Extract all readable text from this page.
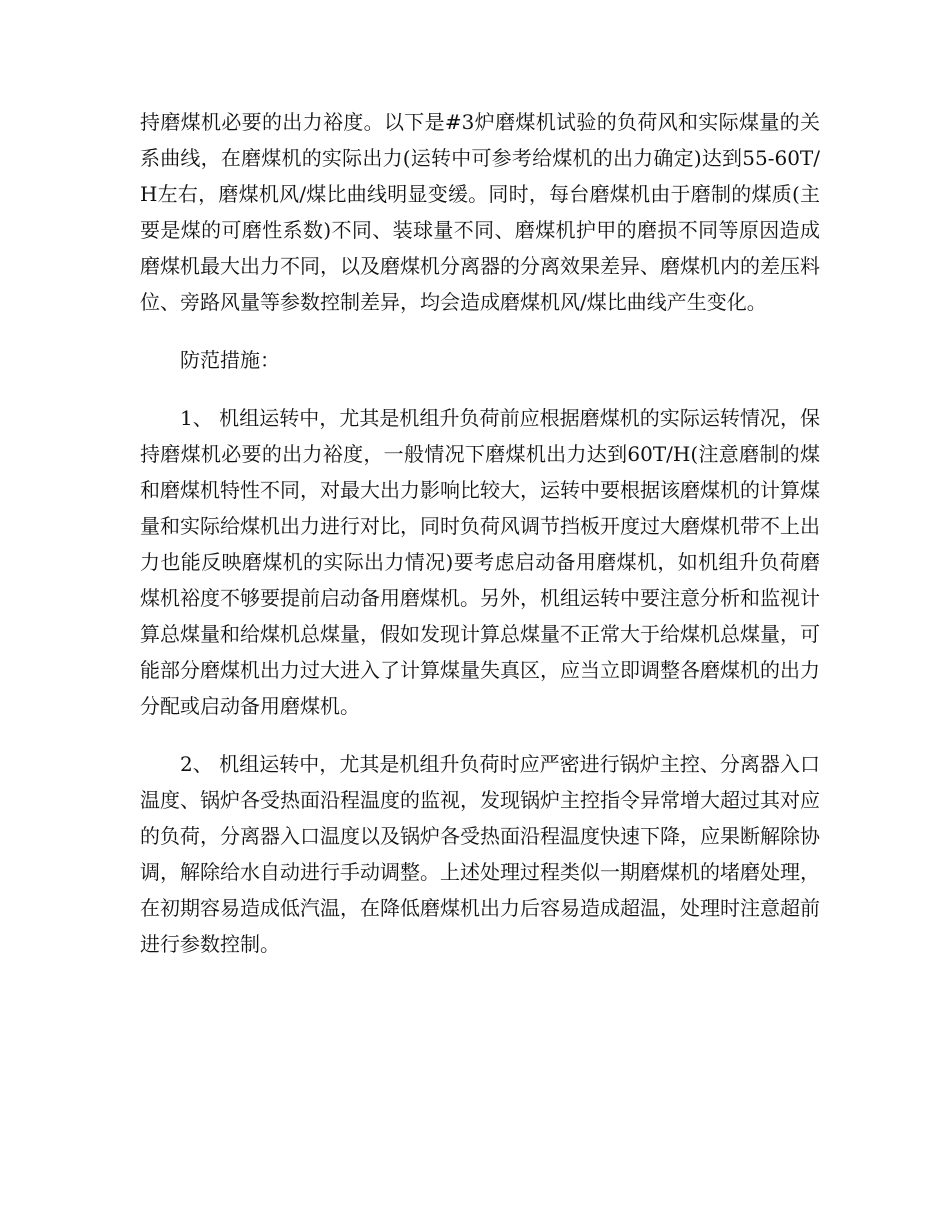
持磨煤机必要的出力裕度。以下是#3炉磨煤机试验的负荷风和实际煤量的关系曲线，在磨煤机的实际出力(运转中可参考给煤机的出力确定)达到55-60T/H左右，磨煤机风/煤比曲线明显变缓。同时，每台磨煤机由于磨制的煤质(主要是煤的可磨性系数)不同、装球量不同、磨煤机护甲的磨损不同等原因造成磨煤机最大出力不同，以及磨煤机分离器的分离效果差异、磨煤机内的差压料位、旁路风量等参数控制差异，均会造成磨煤机风/煤比曲线产生变化。

防范措施：

1、 机组运转中，尤其是机组升负荷前应根据磨煤机的实际运转情况，保持磨煤机必要的出力裕度，一般情况下磨煤机出力达到60T/H(注意磨制的煤和磨煤机特性不同，对最大出力影响比较大，运转中要根据该磨煤机的计算煤量和实际给煤机出力进行对比，同时负荷风调节挡板开度过大磨煤机带不上出力也能反映磨煤机的实际出力情况)要考虑启动备用磨煤机，如机组升负荷磨煤机裕度不够要提前启动备用磨煤机。另外，机组运转中要注意分析和监视计算总煤量和给煤机总煤量，假如发现计算总煤量不正常大于给煤机总煤量，可能部分磨煤机出力过大进入了计算煤量失真区，应当立即调整各磨煤机的出力分配或启动备用磨煤机。

2、 机组运转中，尤其是机组升负荷时应严密进行锅炉主控、分离器入口温度、锅炉各受热面沿程温度的监视，发现锅炉主控指令异常增大超过其对应的负荷，分离器入口温度以及锅炉各受热面沿程温度快速下降，应果断解除协调，解除给水自动进行手动调整。上述处理过程类似一期磨煤机的堵磨处理，在初期容易造成低汽温，在降低磨煤机出力后容易造成超温，处理时注意超前进行参数控制。
